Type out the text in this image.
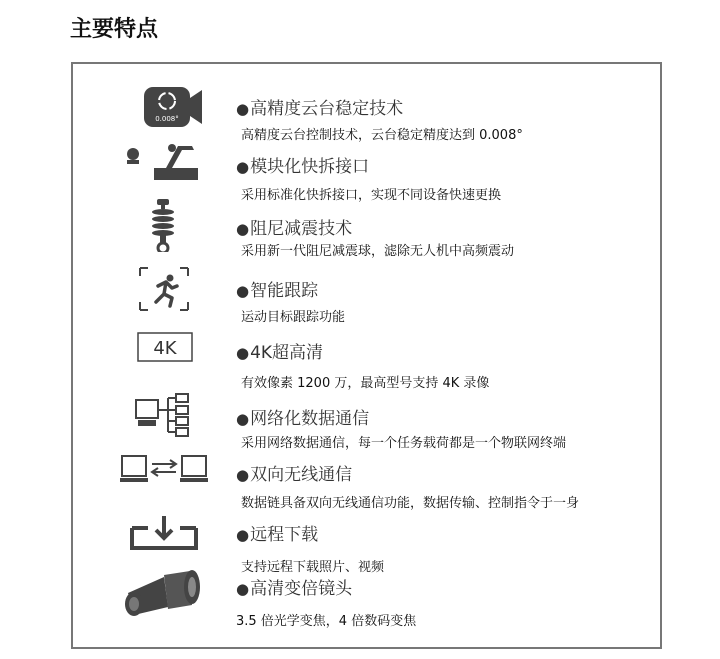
主要特点
0.008°
●高精度云台稳定技术
高精度云台控制技术，云台稳定精度达到 0.008°
●模块化快拆接口
采用标准化快拆接口，实现不同设备快速更换
●阻尼减震技术
采用新一代阻尼减震球，滤除无人机中高频震动
●智能跟踪
运动目标跟踪功能
4K	●4K超高清
有效像素 1200 万，最高型号支持 4K 录像
●网络化数据通信
采用网络数据通信，每一个任务载荷都是一个物联网终端
●双向无线通信
数据链具备双向无线通信功能，数据传输、控制指令于一身
●远程下载
支持远程下载照片、视频
●高清变倍镜头
3.5 倍光学变焦，4 倍数码变焦
